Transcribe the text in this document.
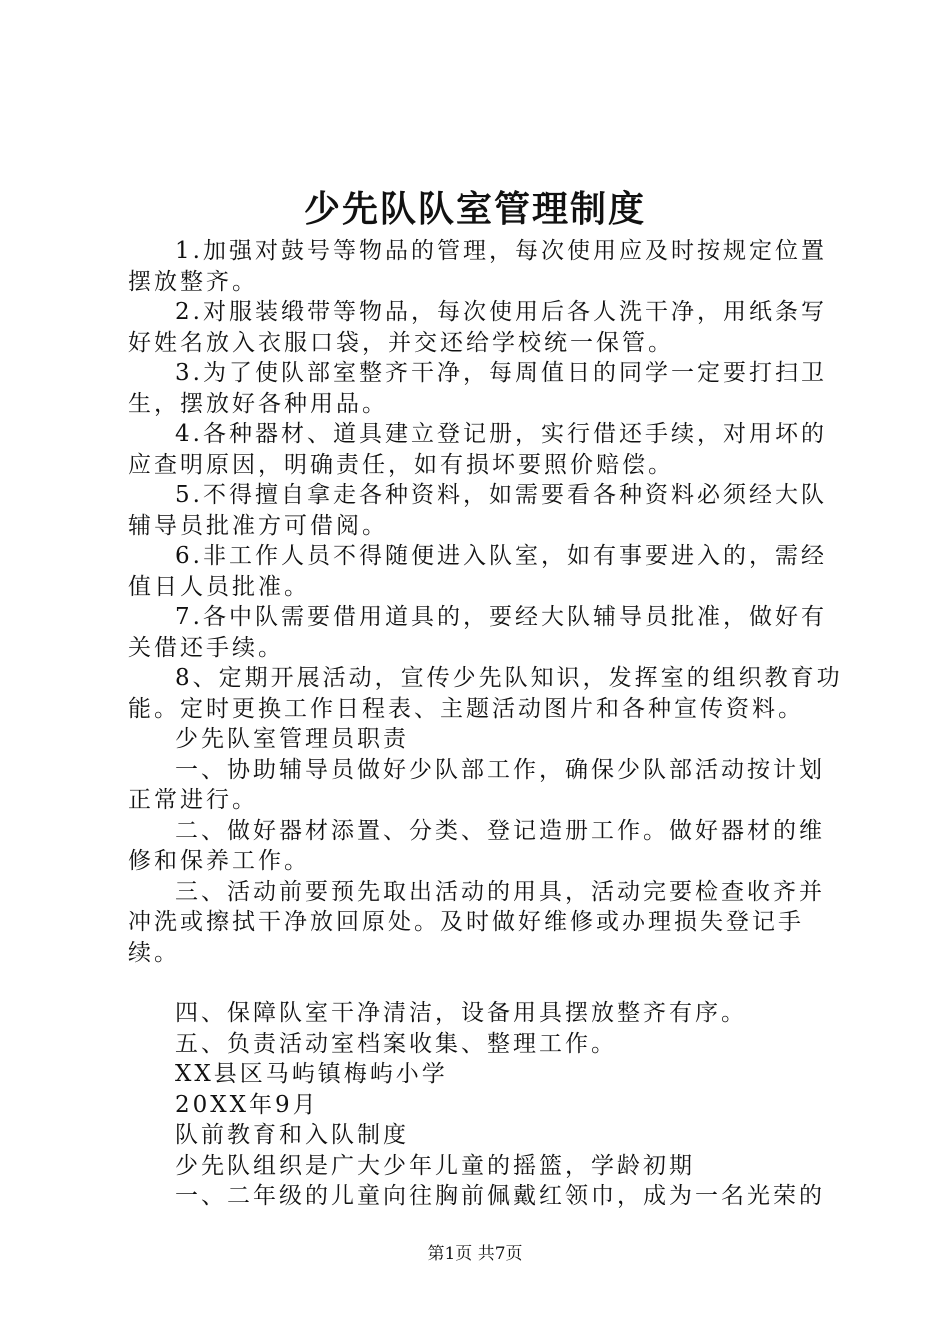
少先队队室管理制度

1.加强对鼓号等物品的管理，每次使用应及时按规定位置摆放整齐。

2.对服装缎带等物品，每次使用后各人洗干净，用纸条写好姓名放入衣服口袋，并交还给学校统一保管。

3.为了使队部室整齐干净，每周值日的同学一定要打扫卫生，摆放好各种用品。

4.各种器材、道具建立登记册，实行借还手续，对用坏的应查明原因，明确责任，如有损坏要照价赔偿。

5.不得擅自拿走各种资料，如需要看各种资料必须经大队辅导员批准方可借阅。

6.非工作人员不得随便进入队室，如有事要进入的，需经值日人员批准。

7.各中队需要借用道具的，要经大队辅导员批准，做好有关借还手续。

8、定期开展活动，宣传少先队知识，发挥室的组织教育功能。定时更换工作日程表、主题活动图片和各种宣传资料。

少先队室管理员职责

一、协助辅导员做好少队部工作，确保少队部活动按计划正常进行。

二、做好器材添置、分类、登记造册工作。做好器材的维修和保养工作。

三、活动前要预先取出活动的用具，活动完要检查收齐并冲洗或擦拭干净放回原处。及时做好维修或办理损失登记手续。

四、保障队室干净清洁，设备用具摆放整齐有序。

五、负责活动室档案收集、整理工作。

XX县区马屿镇梅屿小学

20XX年9月

队前教育和入队制度

少先队组织是广大少年儿童的摇篮，学龄初期

一、二年级的儿童向往胸前佩戴红领巾，成为一名光荣的

第1页 共7页
